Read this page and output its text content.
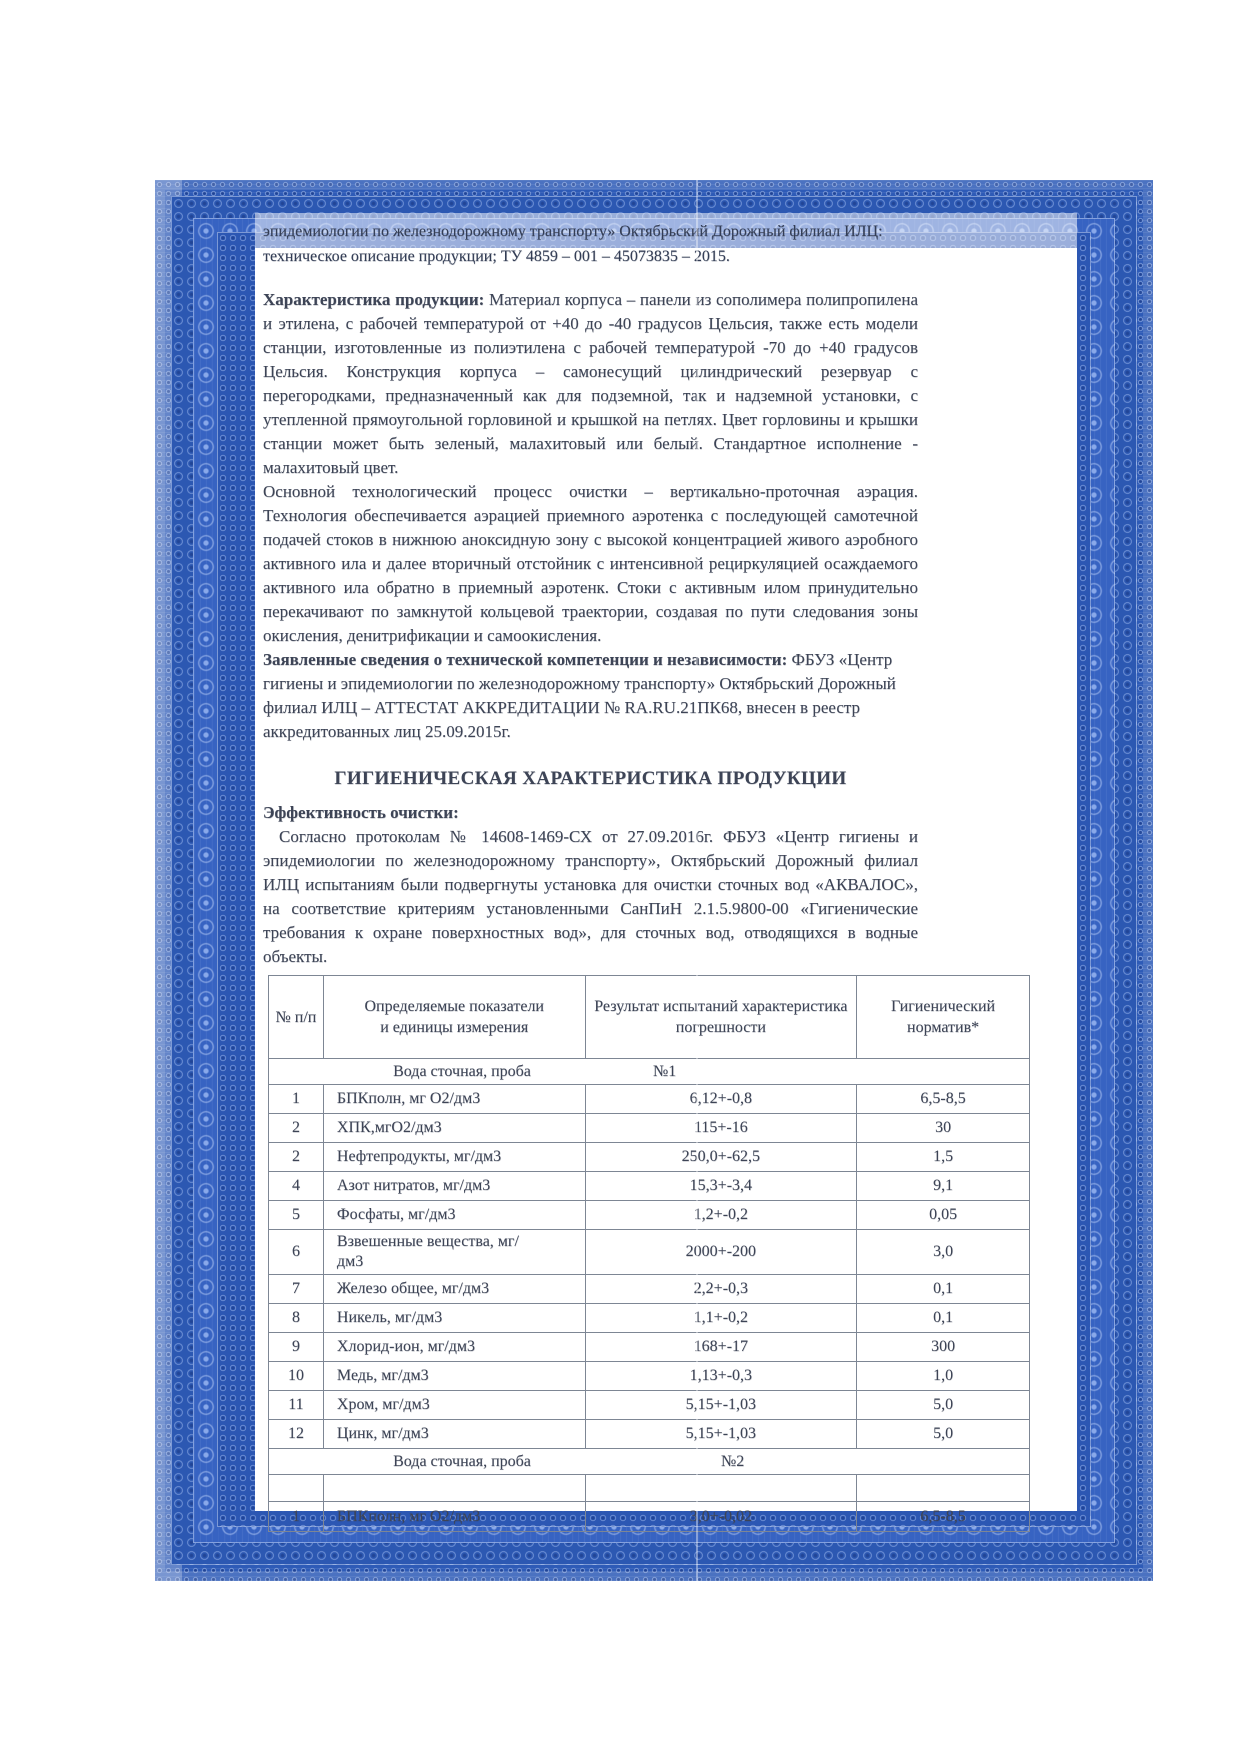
эпидемиологии по железнодорожному транспорту» Октябрьский Дорожный филиал ИЛЦ:
техническое описание продукции; ТУ 4859 – 001 – 45073835 – 2015.

Характеристика продукции: Материал корпуса – панели из сополимера полипропилена и этилена, с рабочей температурой от +40 до -40 градусов Цельсия, также есть модели станции, изготовленные из полиэтилена с рабочей температурой -70 до +40 градусов Цельсия. Конструкция корпуса – самонесущий цилиндрический резервуар с перегородками, предназначенный как для подземной, так и надземной установки, с утепленной прямоугольной горловиной и крышкой на петлях. Цвет горловины и крышки станции может быть зеленый, малахитовый или белый. Стандартное исполнение - малахитовый цвет.

Основной технологический процесс очистки – вертикально-проточная аэрация. Технология обеспечивается аэрацией приемного аэротенка с последующей самотечной подачей стоков в нижнюю аноксидную зону с высокой концентрацией живого аэробного активного ила и далее вторичный отстойник с интенсивной рециркуляцией осаждаемого активного ила обратно в приемный аэротенк. Стоки с активным илом принудительно перекачивают по замкнутой кольцевой траектории, создавая по пути следования зоны окисления, денитрификации и самоокисления.

Заявленные сведения о технической компетенции и независимости: ФБУЗ «Центр гигиены и эпидемиологии по железнодорожному транспорту» Октябрьский Дорожный филиал ИЛЦ – АТТЕСТАТ АККРЕДИТАЦИИ № RA.RU.21ПК68, внесен в реестр аккредитованных лиц 25.09.2015г.

ГИГИЕНИЧЕСКАЯ ХАРАКТЕРИСТИКА ПРОДУКЦИИ
Эффективность очистки:

Согласно протоколам № 14608-1469-СХ от 27.09.2016г. ФБУЗ «Центр гигиены и эпидемиологии по железнодорожному транспорту», Октябрьский Дорожный филиал ИЛЦ испытаниям были подвергнуты установка для очистки сточных вод «АКВАЛОС», на соответствие критериям установленными СанПиН 2.1.5.9800-00 «Гигиенические требования к охране поверхностных вод», для сточных вод, отводящихся в водные объекты.

№ п/п	Определяемые показатели и единицы измерения	Результат испытаний характеристика погрешности	Гигиенический норматив*

Вода сточная, проба №1			

1	БПКполн, мг О2/дм3	6,12+-0,8	6,5-8,5
2	ХПК,мгО2/дм3	115+-16	30
2	Нефтепродукты, мг/дм3	250,0+-62,5	1,5
4	Азот нитратов, мг/дм3	15,3+-3,4	9,1
5	Фосфаты, мг/дм3	1,2+-0,2	0,05
6	Взвешенные вещества, мг/дм3	2000+-200	3,0
7	Железо общее, мг/дм3	2,2+-0,3	0,1
8	Никель, мг/дм3	1,1+-0,2	0,1
9	Хлорид-ион, мг/дм3	168+-17	300
10	Медь, мг/дм3	1,13+-0,3	1,0
11	Хром, мг/дм3	5,15+-1,03	5,0
12	Цинк, мг/дм3	5,15+-1,03	5,0

Вода сточная, проба №2			

1	БПКполн, мг О2/дм3	3,0+-0,02	6,5-8,5
